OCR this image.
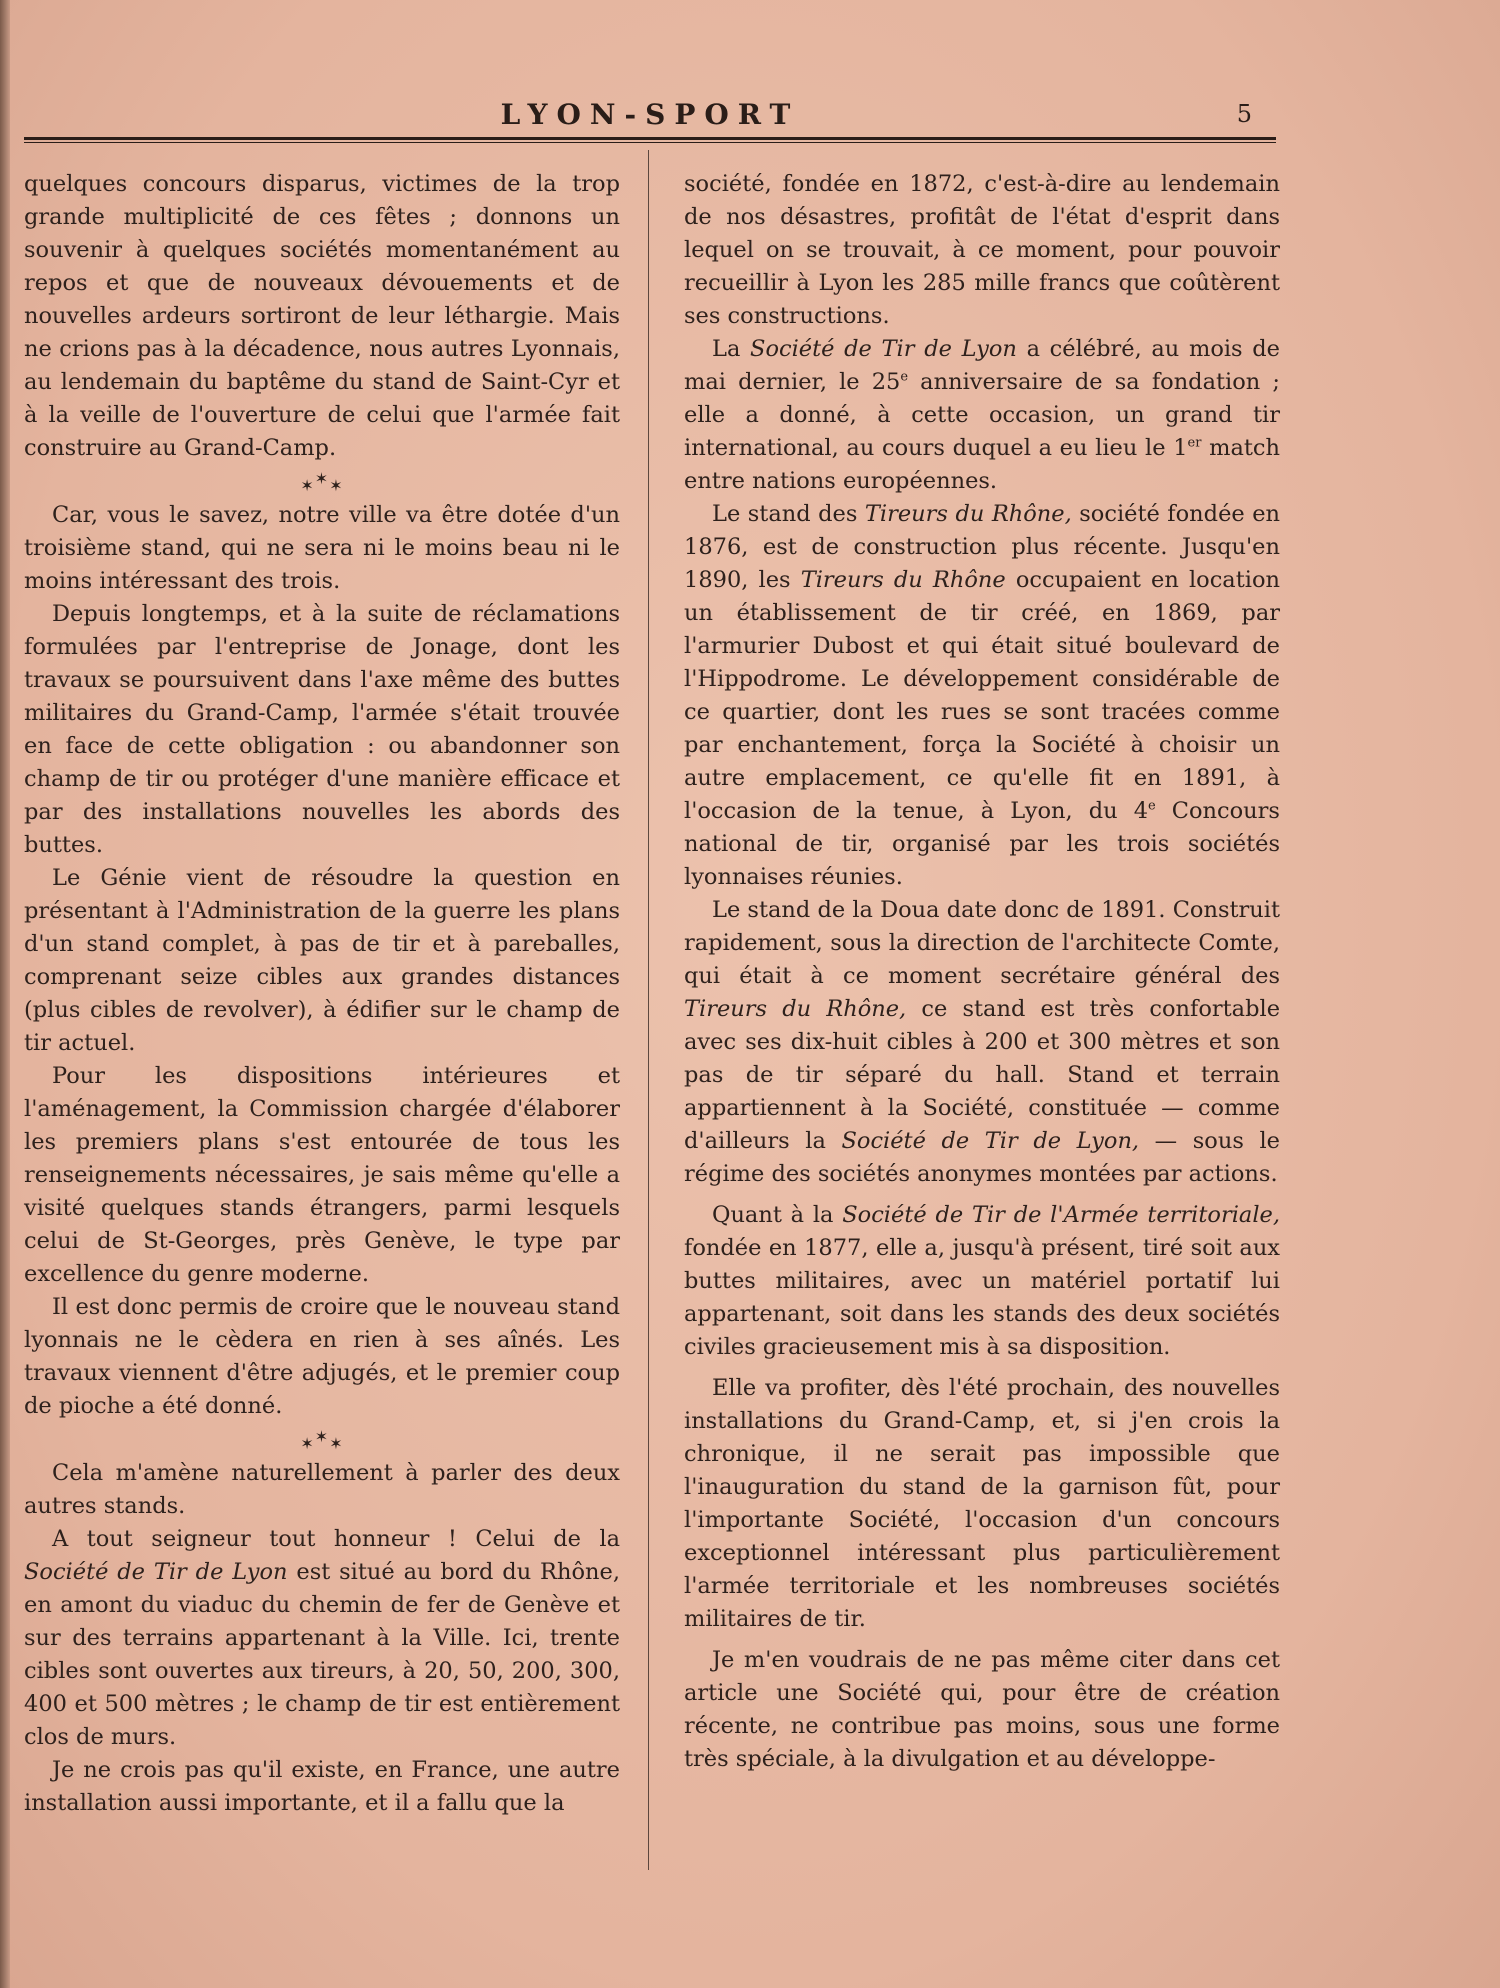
LYON-SPORT	5

quelques concours disparus, victimes de la trop grande multiplicité de ces fêtes ; donnons un souvenir à quelques sociétés momentanément au repos et que de nouveaux dévouements et de nouvelles ardeurs sortiront de leur léthargie. Mais ne crions pas à la décadence, nous autres Lyonnais, au lendemain du baptême du stand de Saint-Cyr et à la veille de l'ouverture de celui que l'armée fait construire au Grand-Camp.

✶✶✶

Car, vous le savez, notre ville va être dotée d'un troisième stand, qui ne sera ni le moins beau ni le moins intéressant des trois.

Depuis longtemps, et à la suite de réclamations formulées par l'entreprise de Jonage, dont les travaux se poursuivent dans l'axe même des buttes militaires du Grand-Camp, l'armée s'était trouvée en face de cette obligation : ou abandonner son champ de tir ou protéger d'une manière efficace et par des installations nouvelles les abords des buttes.

Le Génie vient de résoudre la question en présentant à l'Administration de la guerre les plans d'un stand complet, à pas de tir et à pareballes, comprenant seize cibles aux grandes distances (plus cibles de revolver), à édifier sur le champ de tir actuel.

Pour les dispositions intérieures et l'aménagement, la Commission chargée d'élaborer les premiers plans s'est entourée de tous les renseignements nécessaires, je sais même qu'elle a visité quelques stands étrangers, parmi lesquels celui de St-Georges, près Genève, le type par excellence du genre moderne.

Il est donc permis de croire que le nouveau stand lyonnais ne le cèdera en rien à ses aînés. Les travaux viennent d'être adjugés, et le premier coup de pioche a été donné.

✶✶✶

Cela m'amène naturellement à parler des deux autres stands.

A tout seigneur tout honneur ! Celui de la Société de Tir de Lyon est situé au bord du Rhône, en amont du viaduc du chemin de fer de Genève et sur des terrains appartenant à la Ville. Ici, trente cibles sont ouvertes aux tireurs, à 20, 50, 200, 300, 400 et 500 mètres ; le champ de tir est entièrement clos de murs.

Je ne crois pas qu'il existe, en France, une autre installation aussi importante, et il a fallu que la

société, fondée en 1872, c'est-à-dire au lendemain de nos désastres, profitât de l'état d'esprit dans lequel on se trouvait, à ce moment, pour pouvoir recueillir à Lyon les 285 mille francs que coûtèrent ses constructions.

La Société de Tir de Lyon a célébré, au mois de mai dernier, le 25e anniversaire de sa fondation ; elle a donné, à cette occasion, un grand tir international, au cours duquel a eu lieu le 1er match entre nations européennes.

Le stand des Tireurs du Rhône, société fondée en 1876, est de construction plus récente. Jusqu'en 1890, les Tireurs du Rhône occupaient en location un établissement de tir créé, en 1869, par l'armurier Dubost et qui était situé boulevard de l'Hippodrome. Le développement considérable de ce quartier, dont les rues se sont tracées comme par enchantement, força la Société à choisir un autre emplacement, ce qu'elle fit en 1891, à l'occasion de la tenue, à Lyon, du 4e Concours national de tir, organisé par les trois sociétés lyonnaises réunies.

Le stand de la Doua date donc de 1891. Construit rapidement, sous la direction de l'architecte Comte, qui était à ce moment secrétaire général des Tireurs du Rhône, ce stand est très confortable avec ses dix-huit cibles à 200 et 300 mètres et son pas de tir séparé du hall. Stand et terrain appartiennent à la Société, constituée — comme d'ailleurs la Société de Tir de Lyon, — sous le régime des sociétés anonymes montées par actions.

Quant à la Société de Tir de l'Armée territoriale, fondée en 1877, elle a, jusqu'à présent, tiré soit aux buttes militaires, avec un matériel portatif lui appartenant, soit dans les stands des deux sociétés civiles gracieusement mis à sa disposition.

Elle va profiter, dès l'été prochain, des nouvelles installations du Grand-Camp, et, si j'en crois la chronique, il ne serait pas impossible que l'inauguration du stand de la garnison fût, pour l'importante Société, l'occasion d'un concours exceptionnel intéressant plus particulièrement l'armée territoriale et les nombreuses sociétés militaires de tir.

Je m'en voudrais de ne pas même citer dans cet article une Société qui, pour être de création récente, ne contribue pas moins, sous une forme très spéciale, à la divulgation et au développe-
